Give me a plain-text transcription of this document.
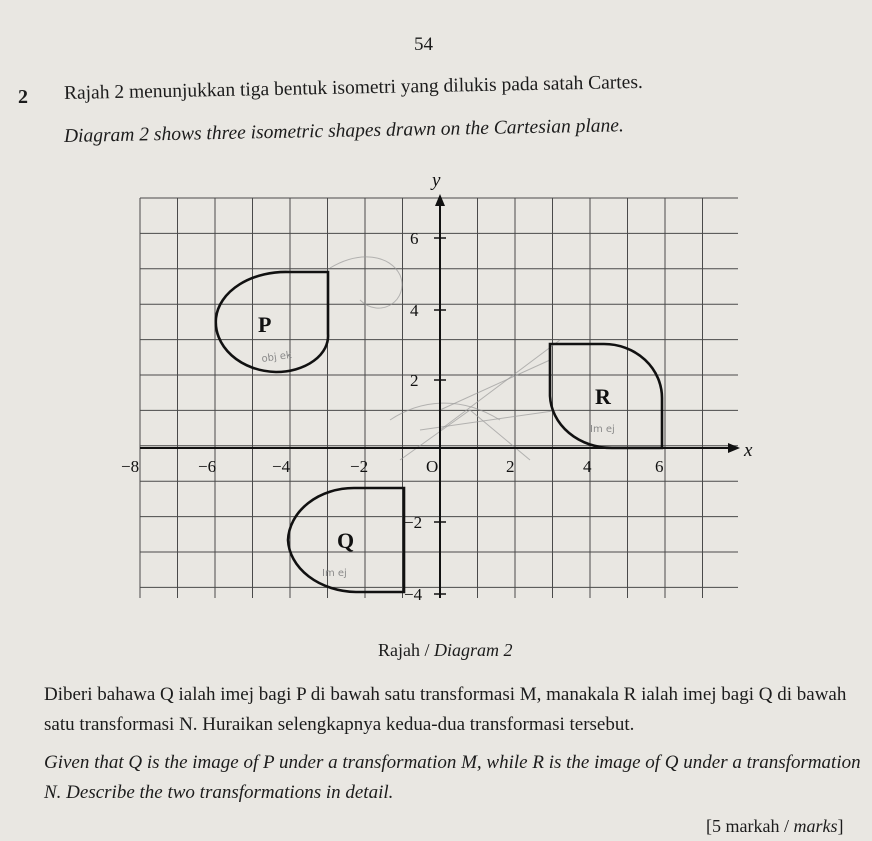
54
2 Rajah 2 menunjukkan tiga bentuk isometri yang dilukis pada satah Cartes.
Diagram 2 shows three isometric shapes drawn on the Cartesian plane.
x
y
−8	−6	−4	−2	O	2	4	6
6
4
2
−2
−4
P
obj ek
Q
Im ej
R
Im ej
Rajah / Diagram 2
Diberi bahawa Q ialah imej bagi P di bawah satu transformasi M, manakala R ialah imej bagi Q di bawah satu transformasi N. Huraikan selengkapnya kedua-dua transformasi tersebut.
Given that Q is the image of P under a transformation M, while R is the image of Q under a transformation N. Describe the two transformations in detail.
[5 markah / marks]
